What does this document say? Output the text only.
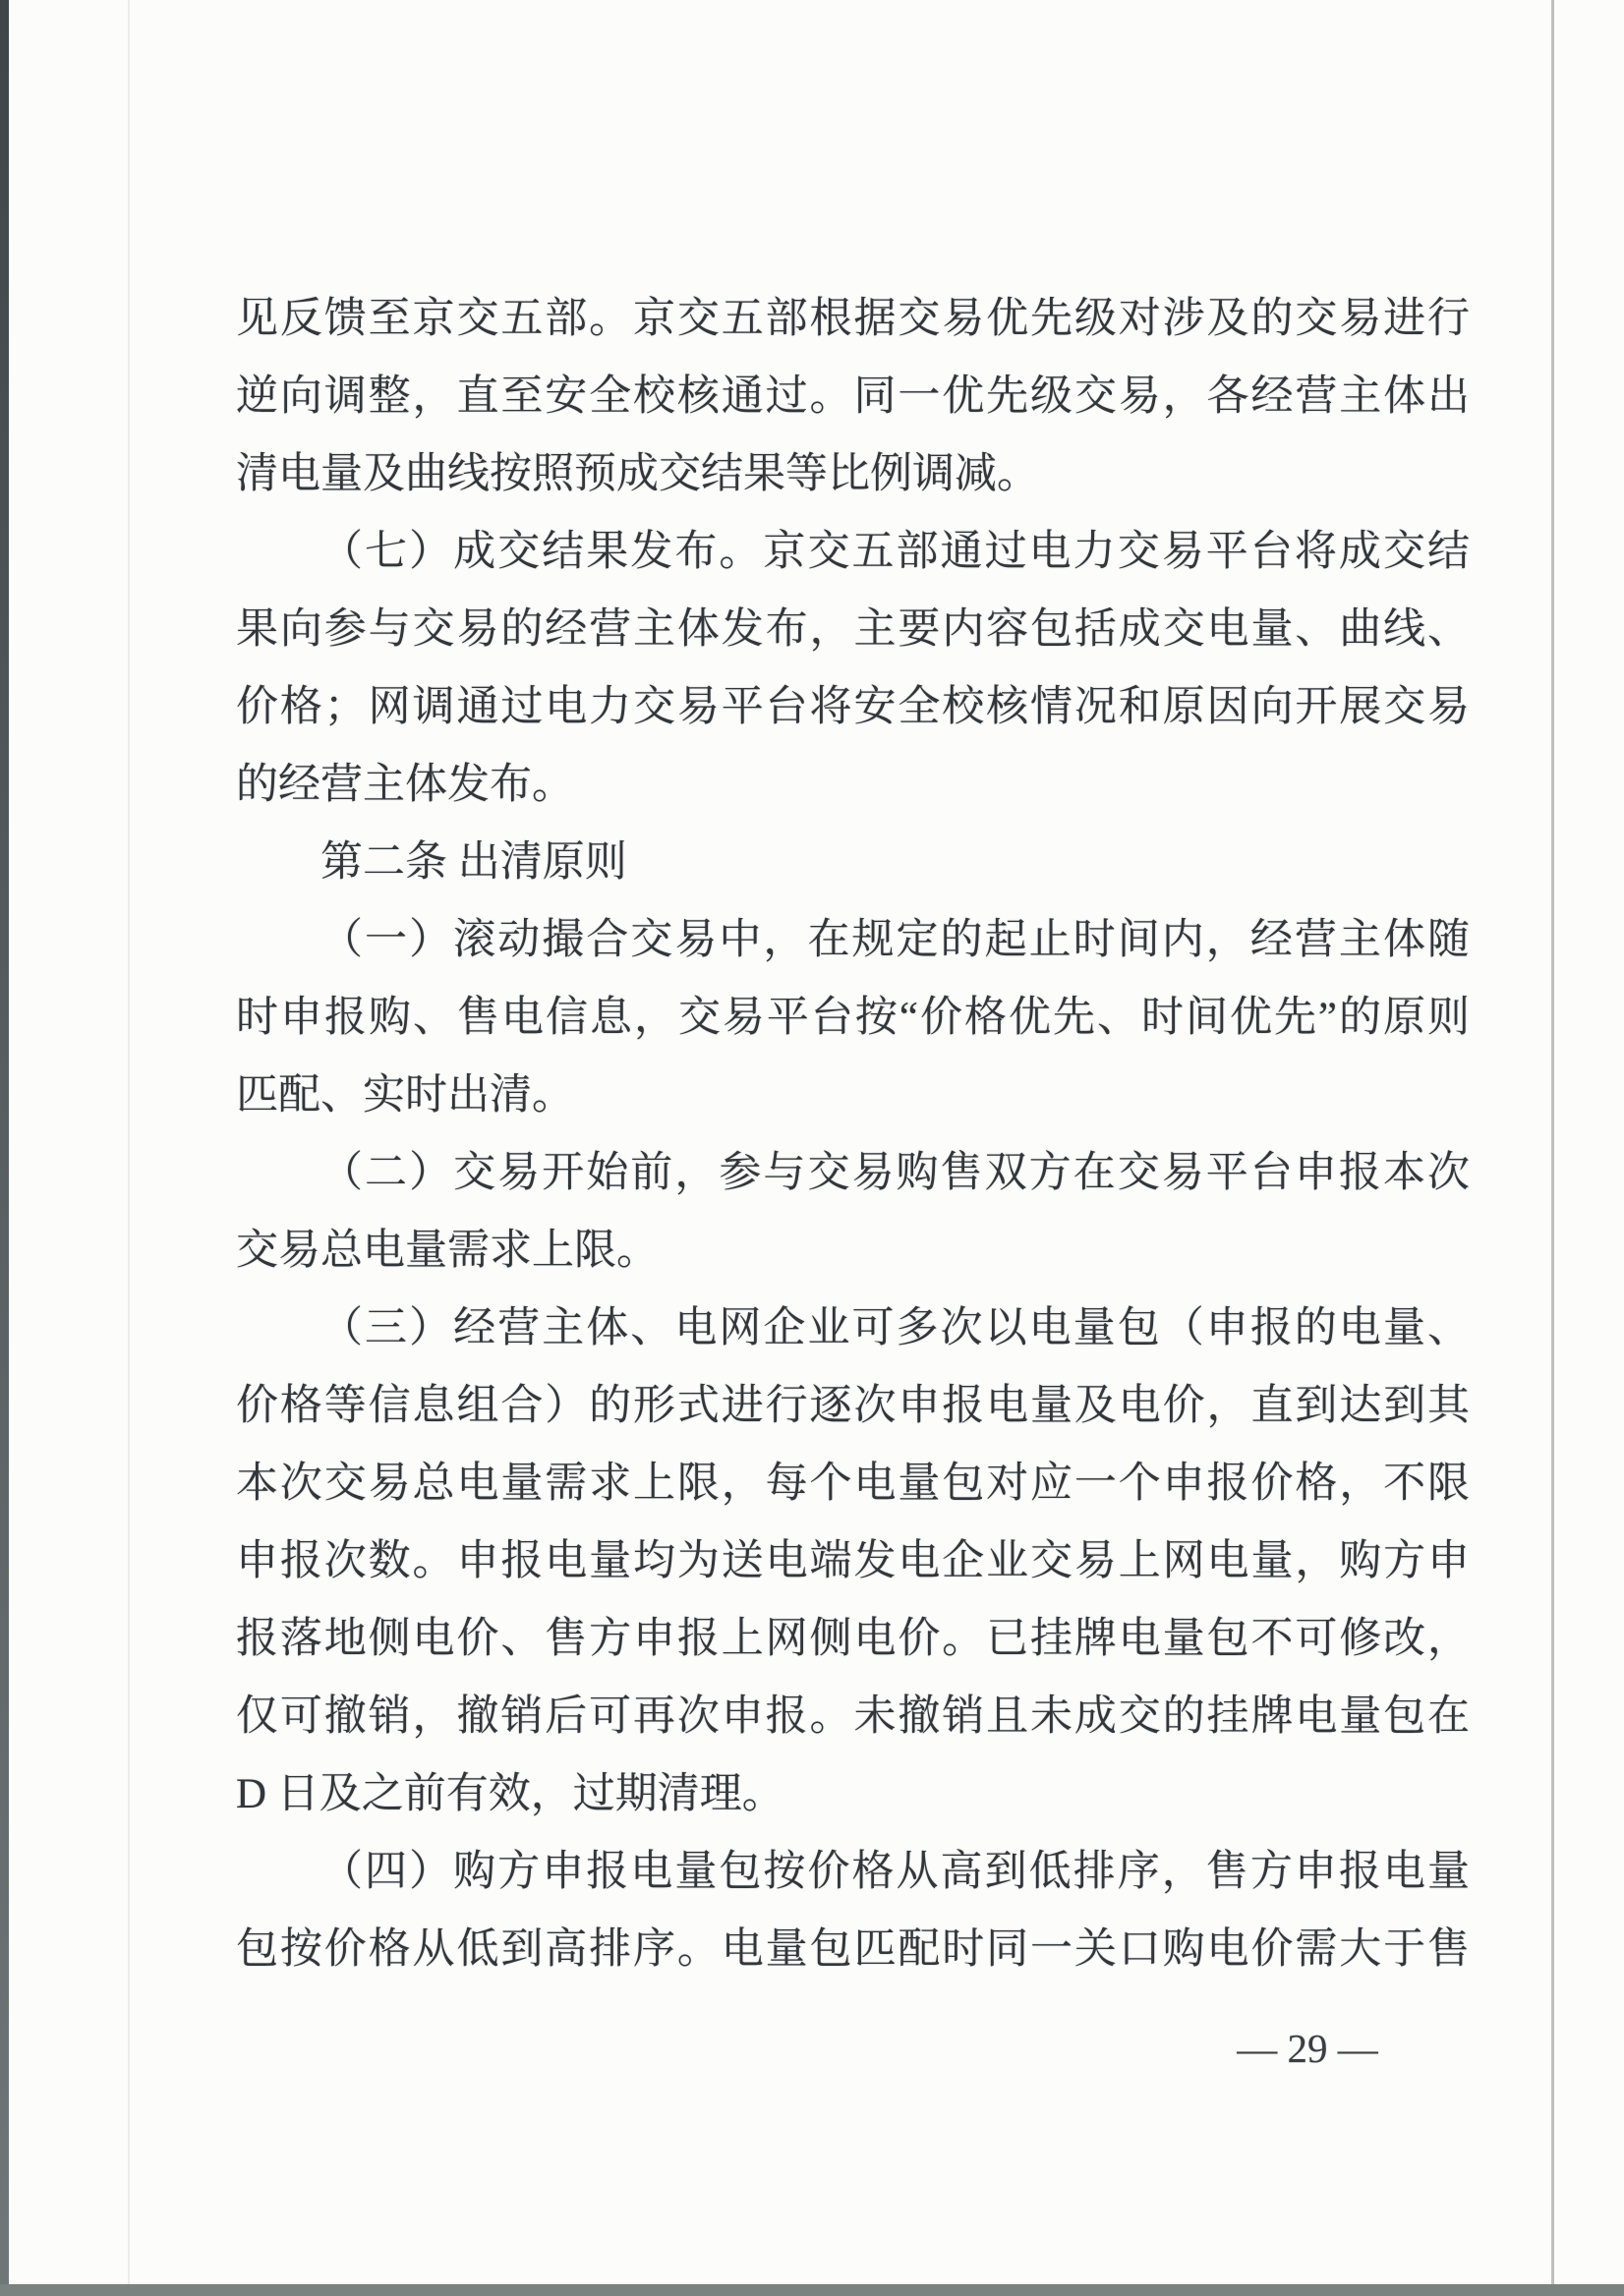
见反馈至京交五部。京交五部根据交易优先级对涉及的交易进行
逆向调整，直至安全校核通过。同一优先级交易，各经营主体出
清电量及曲线按照预成交结果等比例调减。
（七）成交结果发布。京交五部通过电力交易平台将成交结
果向参与交易的经营主体发布，主要内容包括成交电量、曲线、
价格；网调通过电力交易平台将安全校核情况和原因向开展交易
的经营主体发布。
第二条 出清原则
（一）滚动撮合交易中，在规定的起止时间内，经营主体随
时申报购、售电信息，交易平台按“价格优先、时间优先”的原则
匹配、实时出清。
（二）交易开始前，参与交易购售双方在交易平台申报本次
交易总电量需求上限。
（三）经营主体、电网企业可多次以电量包（申报的电量、
价格等信息组合）的形式进行逐次申报电量及电价，直到达到其
本次交易总电量需求上限，每个电量包对应一个申报价格，不限
申报次数。申报电量均为送电端发电企业交易上网电量，购方申
报落地侧电价、售方申报上网侧电价。已挂牌电量包不可修改，
仅可撤销，撤销后可再次申报。未撤销且未成交的挂牌电量包在
D 日及之前有效，过期清理。
（四）购方申报电量包按价格从高到低排序，售方申报电量
包按价格从低到高排序。电量包匹配时同一关口购电价需大于售
— 29 —
